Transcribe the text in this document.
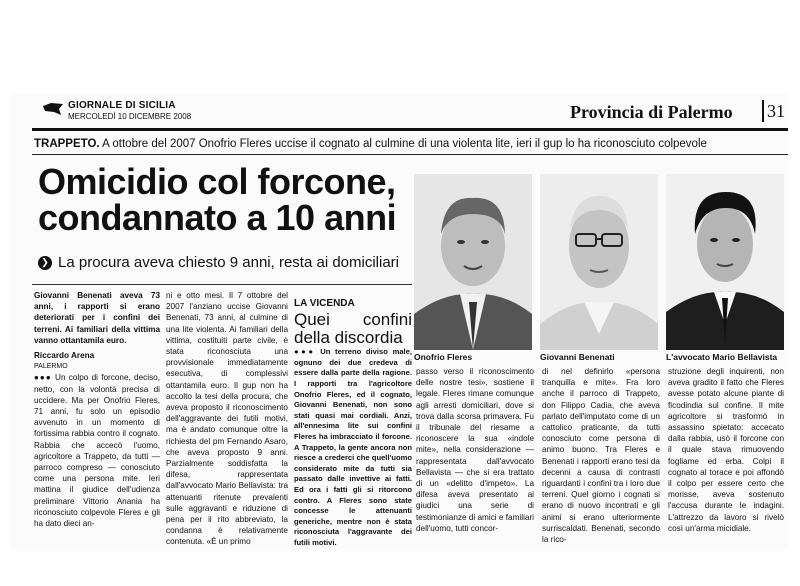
GIORNALE DI SICILIA
MERCOLEDÌ 10 DICEMBRE 2008	Provincia di Palermo 31
TRAPPETO. A ottobre del 2007 Onofrio Fleres uccise il cognato al culmine di una violenta lite, ieri il gup lo ha riconosciuto colpevole
Omicidio col forcone, condannato a 10 anni
❯ La procura aveva chiesto 9 anni, resta ai domiciliari
Onofrio Fleres	Giovanni Benenati	L'avvocato Mario Bellavista

Giovanni Benenati aveva 73 anni, i rapporti si erano deteriorati per i confini dei terreni. Ai familiari della vittima vanno ottantamila euro.

Riccardo Arena

PALERMO

●●● Un colpo di forcone, deciso, netto, con la volontà precisa di uccidere. Ma per Onofrio Fleres, 71 anni, fu solo un episodio avvenuto in un momento di fortissima rabbia contro il cognato. Rabbia che accecò l'uomo, agricoltore a Trappeto, da tutti — parroco compreso — conosciuto come una persona mite. Ieri mattina il giudice dell'udienza preliminare Vittorio Anania ha riconosciuto colpevole Fleres e gli ha dato dieci an-

ni e otto mesi. Il 7 ottobre del 2007 l'anziano uccise Giovanni Benenati, 73 anni, al culmine di una lite violenta. Ai familiari della vittima, costituiti parte civile, è stata riconosciuta una provvisionale immediatamente esecutiva, di complessivi ottantamila euro. Il gup non ha accolto la tesi della procura, che aveva proposto il riconoscimento dell'aggravante dei futili motivi, ma è andato comunque oltre la richiesta del pm Fernando Asaro, che aveva proposto 9 anni. Parzialmente soddisfatta la difesa, rappresentata dall'avvocato Mario Bellavista: tra attenuanti ritenute prevalenti sulle aggravanti e riduzione di pena per il rito abbreviato, la condanna è relativamente contenuta. «È un primo

LA VICENDA

Quei confini della discordia

●●● Un terreno diviso male, ognuno dei due credeva di essere dalla parte della ragione. I rapporti tra l'agricoltore Onofrio Fleres, ed il cognato, Giovanni Benenati, non sono stati quasi mai cordiali. Anzi, all'ennesima lite sui confini Fleres ha imbracciato il forcone. A Trappeto, la gente ancora non riesce a crederci che quell'uomo considerato mite da tutti sia passato dalle invettive ai fatti. Ed ora i fatti gli si ritorcono contro. A Fleres sono state concesse le attenuanti generiche, mentre non è stata riconosciuta l'aggravante dei futili motivi.

passo verso il riconoscimento delle nostre tesi», sostiene il legale. Fleres rimane comunque agli arresti domiciliari, dove si trova dalla scorsa primavera. Fu il tribunale del riesame a riconoscere la sua «indole mite», nella considerazione — rappresentata dall'avvocato Bellavista — che si era trattato di un «delitto d'impeto». La difesa aveva presentato ai giudici una serie di testimonianze di amici e familiari dell'uomo, tutti concor-

di nel definirlo «persona tranquilla e mite». Fra loro anche il parroco di Trappeto, don Filippo Cadia, che aveva parlato dell'imputato come di un cattolico praticante, da tutti conosciuto come persona di animo buono. Tra Fleres e Benenati i rapporti erano tesi da decenni a causa di contrasti riguardanti i confini tra i loro due terreni. Quel giorno i cognati si erano di nuovo incontrati e gli animi si erano ulteriormente surriscaldati. Benenati, secondo la rico-

struzione degli inquirenti, non aveva gradito il fatto che Fleres avesse potato alcune piante di ficodindia sul confine. Il mite agricoltore si trasformò in assassino spietato: accecato dalla rabbia, usò il forcone con il quale stava rimuovendo fogliame ed erba. Colpì il cognato al torace e poi affondò il colpo per essere certo che morisse, aveva sostenuto l'accusa durante le indagini. L'attrezzo da lavoro si rivelò così un'arma micidiale.
